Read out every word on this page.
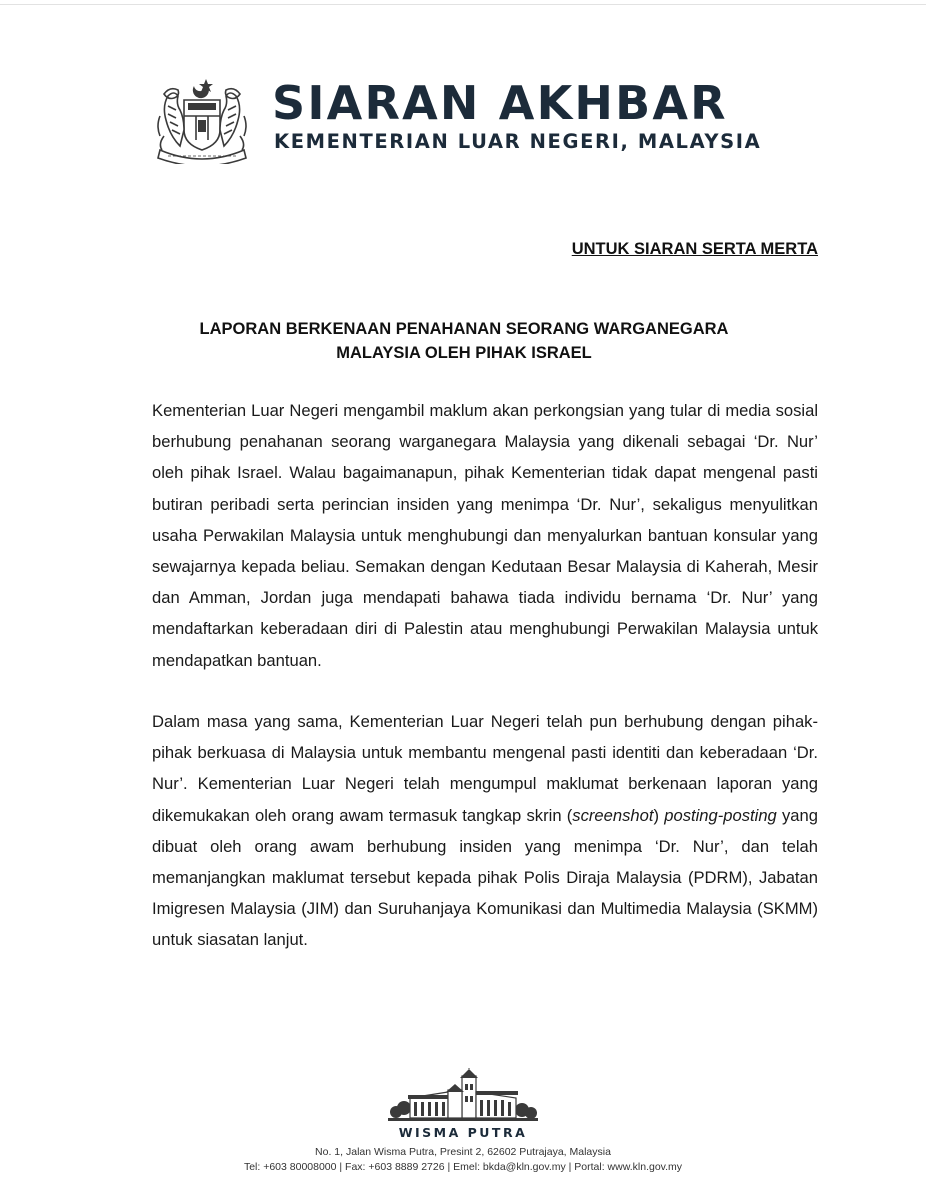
SIARAN AKHBAR
KEMENTERIAN LUAR NEGERI, MALAYSIA
UNTUK SIARAN SERTA MERTA
LAPORAN BERKENAAN PENAHANAN SEORANG WARGANEGARA
MALAYSIA OLEH PIHAK ISRAEL

Kementerian Luar Negeri mengambil maklum akan perkongsian yang tular di media sosial berhubung penahanan seorang warganegara Malaysia yang dikenali sebagai ‘Dr. Nur’ oleh pihak Israel. Walau bagaimanapun, pihak Kementerian tidak dapat mengenal pasti butiran peribadi serta perincian insiden yang menimpa ‘Dr. Nur’, sekaligus menyulitkan usaha Perwakilan Malaysia untuk menghubungi dan menyalurkan bantuan konsular yang sewajarnya kepada beliau. Semakan dengan Kedutaan Besar Malaysia di Kaherah, Mesir dan Amman, Jordan juga mendapati bahawa tiada individu bernama ‘Dr. Nur’ yang mendaftarkan keberadaan diri di Palestin atau menghubungi Perwakilan Malaysia untuk mendapatkan bantuan.

Dalam masa yang sama, Kementerian Luar Negeri telah pun berhubung dengan pihak-pihak berkuasa di Malaysia untuk membantu mengenal pasti identiti dan keberadaan ‘Dr. Nur’. Kementerian Luar Negeri telah mengumpul maklumat berkenaan laporan yang dikemukakan oleh orang awam termasuk tangkap skrin (screenshot) posting-posting yang dibuat oleh orang awam berhubung insiden yang menimpa ‘Dr. Nur’, dan telah memanjangkan maklumat tersebut kepada pihak Polis Diraja Malaysia (PDRM), Jabatan Imigresen Malaysia (JIM) dan Suruhanjaya Komunikasi dan Multimedia Malaysia (SKMM) untuk siasatan lanjut.

WISMA PUTRA
No. 1, Jalan Wisma Putra, Presint 2, 62602 Putrajaya, Malaysia
Tel: +603 80008000 | Fax: +603 8889 2726 | Emel: bkda@kln.gov.my | Portal: www.kln.gov.my
